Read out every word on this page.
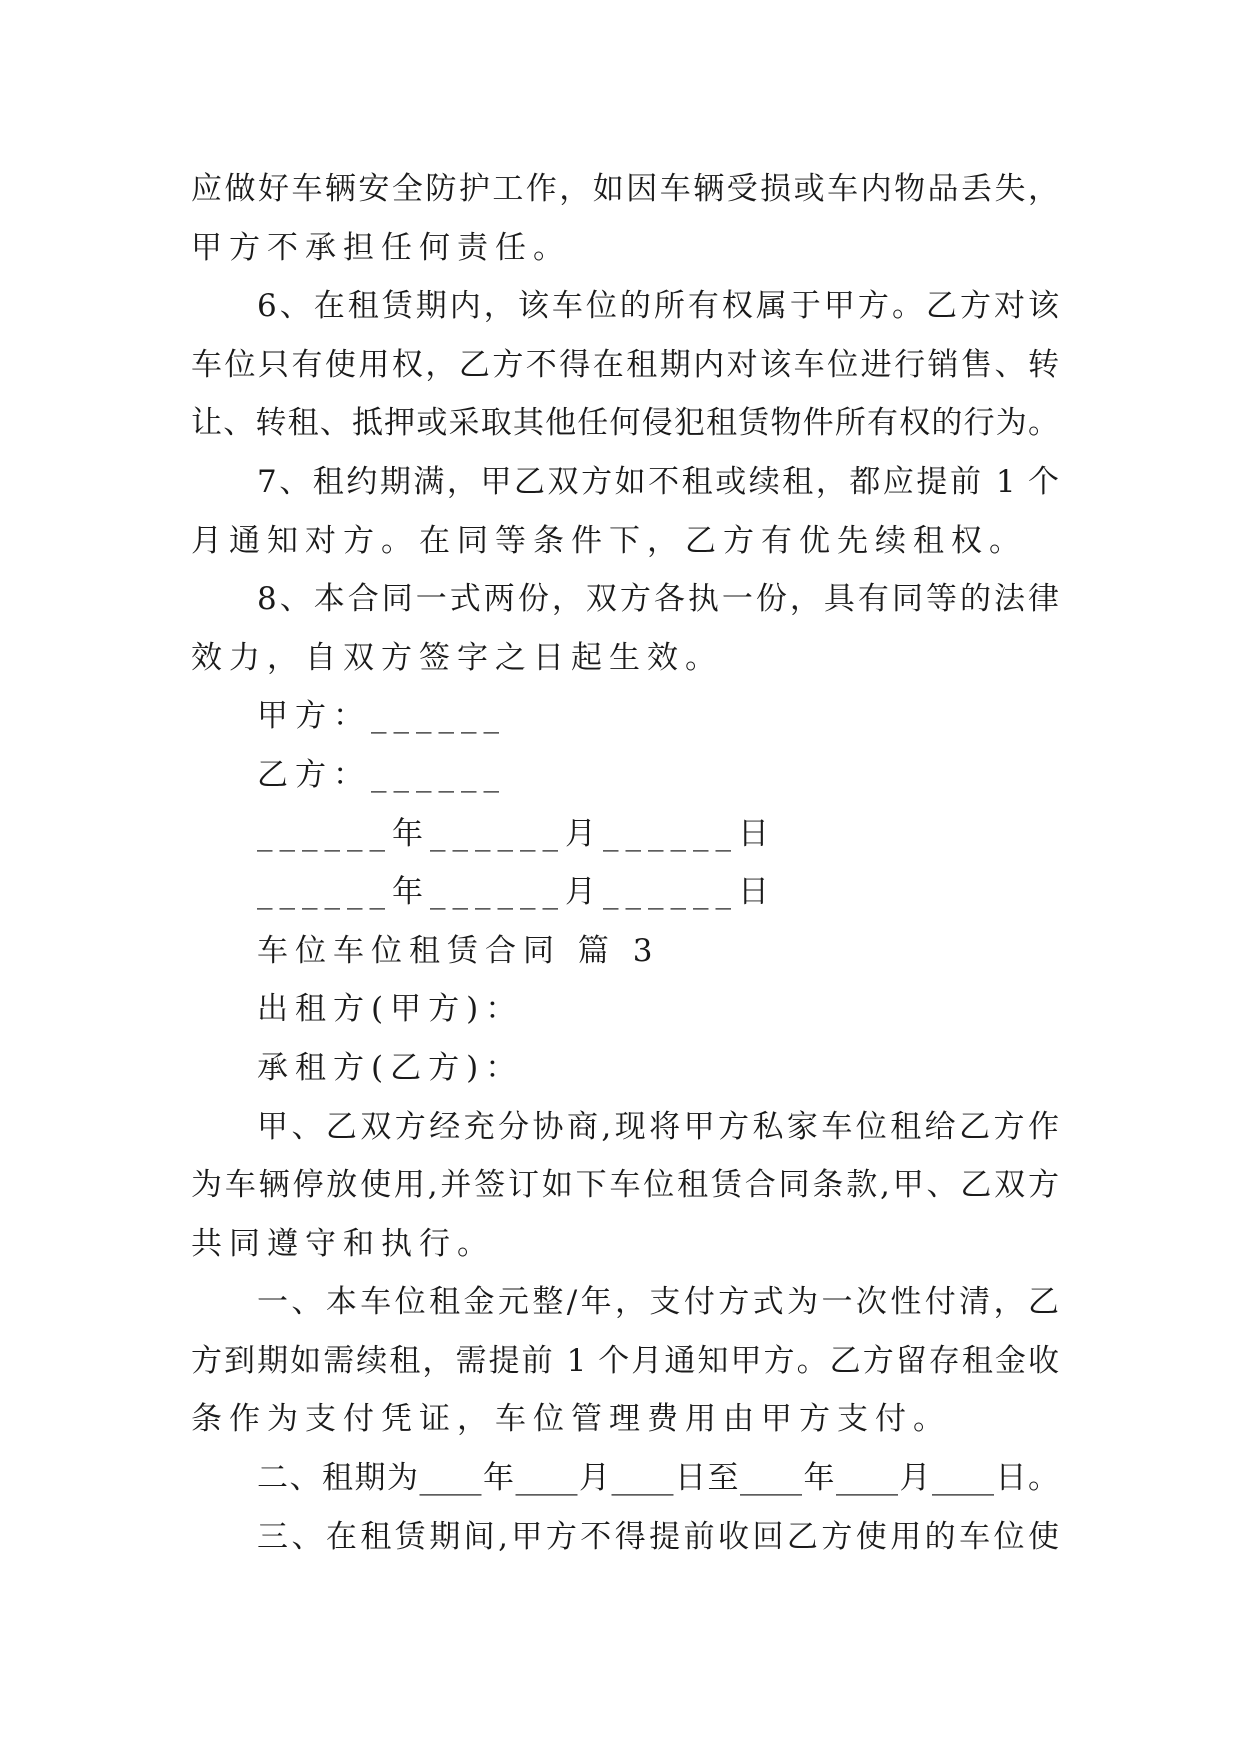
应做好车辆安全防护工作，如因车辆受损或车内物品丢失，
甲方不承担任何责任。
6、在租赁期内，该车位的所有权属于甲方。乙方对该
车位只有使用权，乙方不得在租期内对该车位进行销售、转
让、转租、抵押或采取其他任何侵犯租赁物件所有权的行为。
7、租约期满，甲乙双方如不租或续租，都应提前 1 个
月通知对方。在同等条件下，乙方有优先续租权。
8、本合同一式两份，双方各执一份，具有同等的法律
效力，自双方签字之日起生效。
甲方：______
乙方：______
______年______月______日
______年______月______日
车位车位租赁合同 篇 3
出租方(甲方)：
承租方(乙方)：
甲、乙双方经充分协商,现将甲方私家车位租给乙方作
为车辆停放使用,并签订如下车位租赁合同条款,甲、乙双方
共同遵守和执行。
一、本车位租金元整/年，支付方式为一次性付清，乙
方到期如需续租，需提前 1 个月通知甲方。乙方留存租金收
条作为支付凭证，车位管理费用由甲方支付。
二、租期为____年____月____日至____年____月____日。
三、在租赁期间,甲方不得提前收回乙方使用的车位使
